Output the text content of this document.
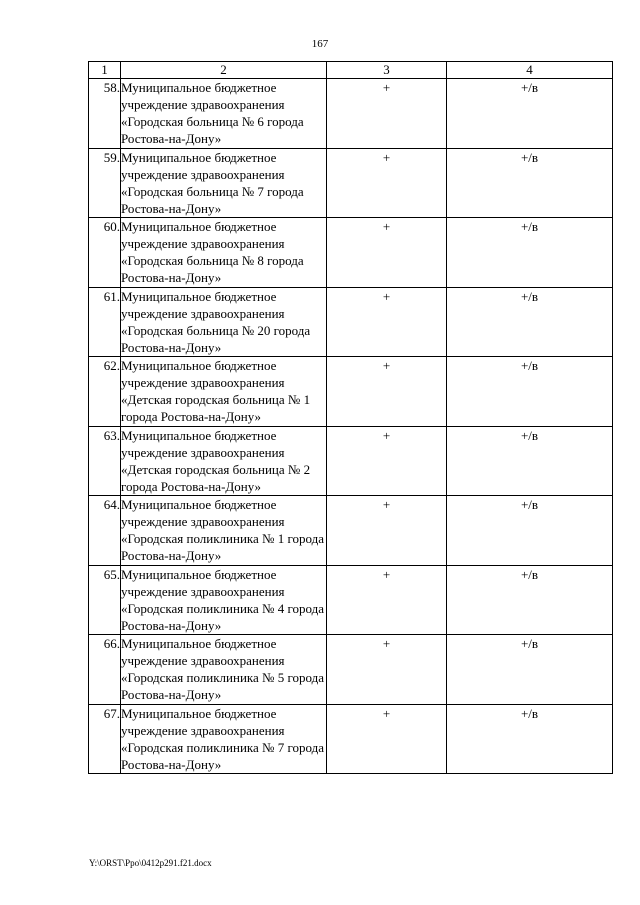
167
1	2	3	4
58.	Муниципальное бюджетное учреждение здравоохранения «Городская больница № 6 города Ростова-на-Дону»	+	+/в
59.	Муниципальное бюджетное учреждение здравоохранения «Городская больница № 7 города Ростова-на-Дону»	+	+/в
60.	Муниципальное бюджетное учреждение здравоохранения «Городская больница № 8 города Ростова-на-Дону»	+	+/в
61.	Муниципальное бюджетное учреждение здравоохранения «Городская больница № 20 города Ростова-на-Дону»	+	+/в
62.	Муниципальное бюджетное учреждение здравоохранения «Детская городская больница № 1 города Ростова-на-Дону»	+	+/в
63.	Муниципальное бюджетное учреждение здравоохранения «Детская городская больница № 2 города Ростова-на-Дону»	+	+/в
64.	Муниципальное бюджетное учреждение здравоохранения «Городская поликлиника № 1 города Ростова-на-Дону»	+	+/в
65.	Муниципальное бюджетное учреждение здравоохранения «Городская поликлиника № 4 города Ростова-на-Дону»	+	+/в
66.	Муниципальное бюджетное учреждение здравоохранения «Городская поликлиника № 5 города Ростова-на-Дону»	+	+/в
67.	Муниципальное бюджетное учреждение здравоохранения «Городская поликлиника № 7 города Ростова-на-Дону»	+	+/в
Y:\ORST\Ppo\0412p291.f21.docx
